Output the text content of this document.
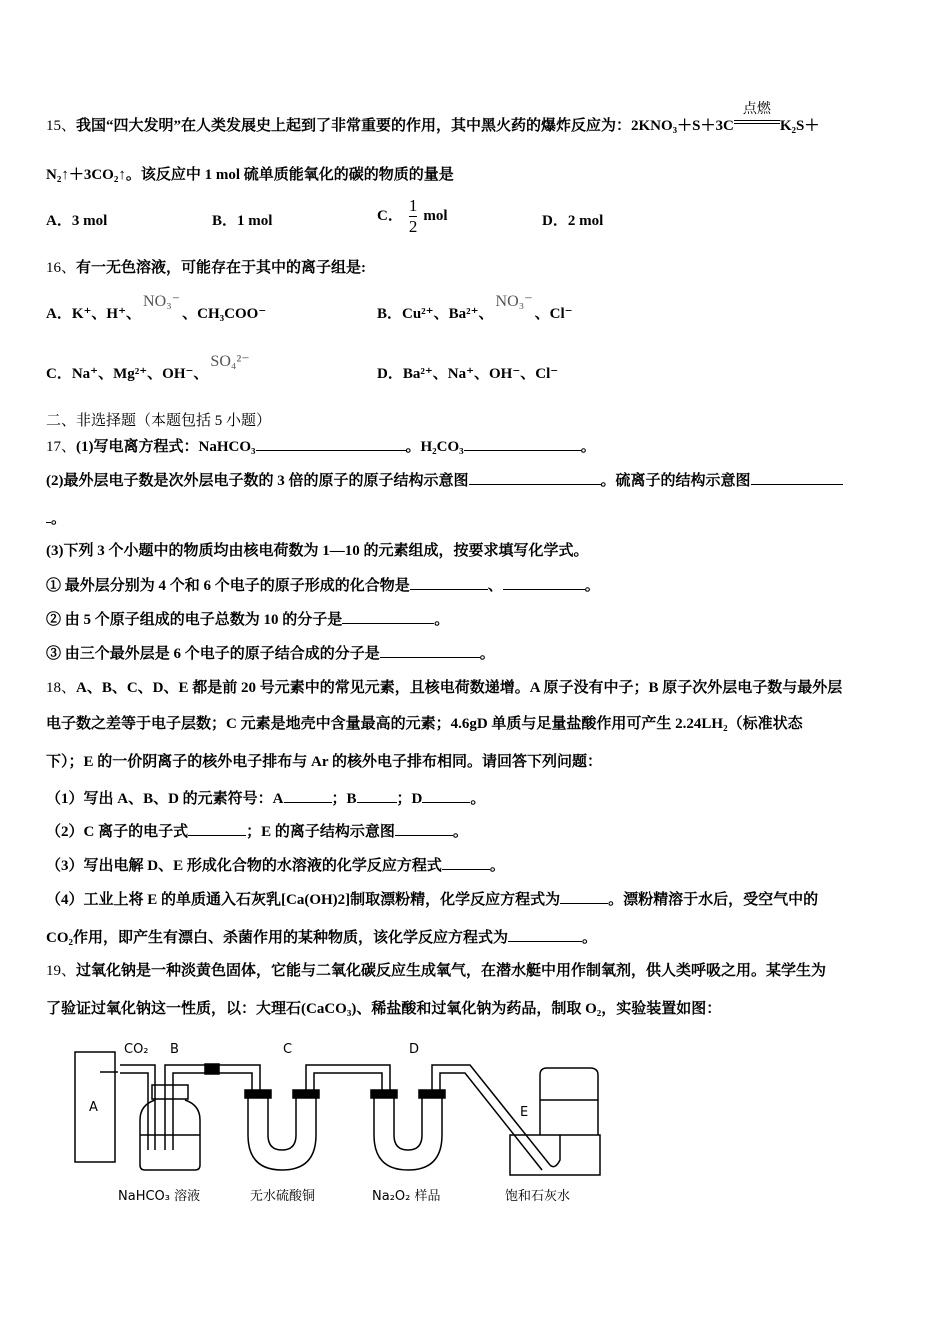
15、我国“四大发明”在人类发展史上起到了非常重要的作用，其中黑火药的爆炸反应为：2KNO₃＋S＋3C
点燃
K₂S＋
N₂↑＋3CO₂↑。该反应中 1 mol 硫单质能氧化的碳的物质的量是
A．3 mol	B．1 mol	C． $\frac{1}{2}$ mol	D．2 mol
16、有一无色溶液，可能存在于其中的离子组是:
A．K⁺、H⁺、NO₃⁻、CH₃COO⁻	B．Cu²⁺、Ba²⁺、NO₃⁻、Cl⁻
C．Na⁺、Mg²⁺、OH⁻、SO₄²⁻
D．Ba²⁺、Na⁺、OH⁻、Cl⁻
二、非选择题（本题包括 5 小题）
17、(1)写电离方程式：NaHCO₃	。H₂CO₃	。
(2)最外层电子数是次外层电子数的 3 倍的原子的原子结构示意图	。硫离子的结构示意图
。
(3)下列 3 个小题中的物质均由核电荷数为 1—10 的元素组成，按要求填写化学式。
① 最外层分别为 4 个和 6 个电子的原子形成的化合物是	、	。
② 由 5 个原子组成的电子总数为 10 的分子是	。
③ 由三个最外层是 6 个电子的原子结合成的分子是	。
18、A、B、C、D、E 都是前 20 号元素中的常见元素，且核电荷数递增。A 原子没有中子；B 原子次外层电子数与最外层
电子数之差等于电子层数；C 元素是地壳中含量最高的元素；4.6gD 单质与足量盐酸作用可产生 2.24LH₂（标准状态
下）；E 的一价阴离子的核外电子排布与 Ar 的核外电子排布相同。请回答下列问题：
（1）写出 A、B、D 的元素符号：A	；B	；D	。
（2）C 离子的电子式	；E 的离子结构示意图	。
（3）写出电解 D、E 形成化合物的水溶液的化学反应方程式	。
（4）工业上将 E 的单质通入石灰乳[Ca(OH)2]制取漂粉精，化学反应方程式为	。漂粉精溶于水后，受空气中的
CO₂作用，即产生有漂白、杀菌作用的某种物质，该化学反应方程式为	。
19、过氧化钠是一种淡黄色固体，它能与二氧化碳反应生成氧气，在潜水艇中用作制氧剂，供人类呼吸之用。某学生为
了验证过氧化钠这一性质，以：大理石(CaCO₃)、稀盐酸和过氧化钠为药品，制取 O₂，实验装置如图：
A
CO₂ B	C	D
E
NaHCO₃ 溶液	无水硫酸铜	Na₂O₂ 样品	饱和石灰水
